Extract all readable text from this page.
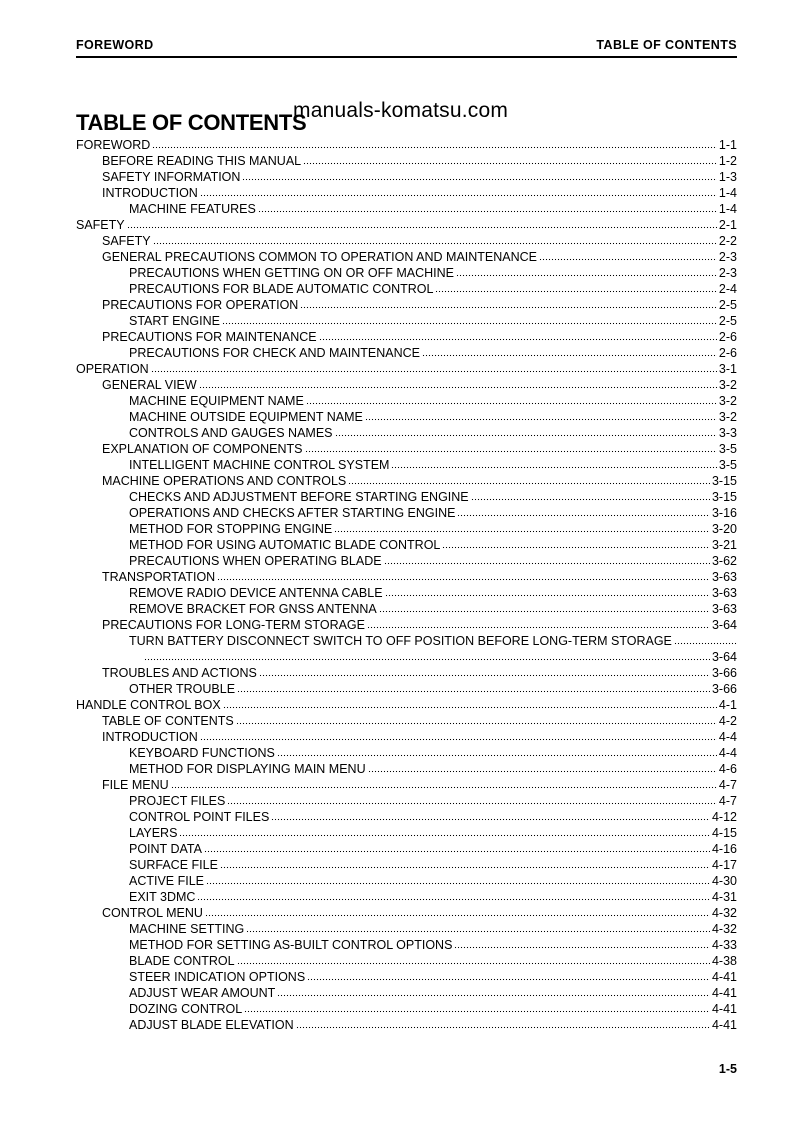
FOREWORD	TABLE OF CONTENTS
TABLE OF CONTENTS
manuals-komatsu.com
FOREWORD	1-1
BEFORE READING THIS MANUAL	1-2
SAFETY INFORMATION	1-3
INTRODUCTION	1-4
MACHINE FEATURES	1-4
SAFETY	2-1
SAFETY	2-2
GENERAL PRECAUTIONS COMMON TO OPERATION AND MAINTENANCE	2-3
PRECAUTIONS WHEN GETTING ON OR OFF MACHINE	2-3
PRECAUTIONS FOR BLADE AUTOMATIC CONTROL	2-4
PRECAUTIONS FOR OPERATION	2-5
START ENGINE	2-5
PRECAUTIONS FOR MAINTENANCE	2-6
PRECAUTIONS FOR CHECK AND MAINTENANCE	2-6
OPERATION	3-1
GENERAL VIEW	3-2
MACHINE EQUIPMENT NAME	3-2
MACHINE OUTSIDE EQUIPMENT NAME	3-2
CONTROLS AND GAUGES NAMES	3-3
EXPLANATION OF COMPONENTS	3-5
INTELLIGENT MACHINE CONTROL SYSTEM	3-5
MACHINE OPERATIONS AND CONTROLS	3-15
CHECKS AND ADJUSTMENT BEFORE STARTING ENGINE	3-15
OPERATIONS AND CHECKS AFTER STARTING ENGINE	3-16
METHOD FOR STOPPING ENGINE	3-20
METHOD FOR USING AUTOMATIC BLADE CONTROL	3-21
PRECAUTIONS WHEN OPERATING BLADE	3-62
TRANSPORTATION	3-63
REMOVE RADIO DEVICE ANTENNA CABLE	3-63
REMOVE BRACKET FOR GNSS ANTENNA	3-63
PRECAUTIONS FOR LONG-TERM STORAGE	3-64
TURN BATTERY DISCONNECT SWITCH TO OFF POSITION BEFORE LONG-TERM STORAGE
3-64
TROUBLES AND ACTIONS	3-66
OTHER TROUBLE	3-66
HANDLE CONTROL BOX	4-1
TABLE OF CONTENTS	4-2
INTRODUCTION	4-4
KEYBOARD FUNCTIONS	4-4
METHOD FOR DISPLAYING MAIN MENU	4-6
FILE MENU	4-7
PROJECT FILES	4-7
CONTROL POINT FILES	4-12
LAYERS	4-15
POINT DATA	4-16
SURFACE FILE	4-17
ACTIVE FILE	4-30
EXIT 3DMC	4-31
CONTROL MENU	4-32
MACHINE SETTING	4-32
METHOD FOR SETTING AS-BUILT CONTROL OPTIONS	4-33
BLADE CONTROL	4-38
STEER INDICATION OPTIONS	4-41
ADJUST WEAR AMOUNT	4-41
DOZING CONTROL	4-41
ADJUST BLADE ELEVATION	4-41
1-5
